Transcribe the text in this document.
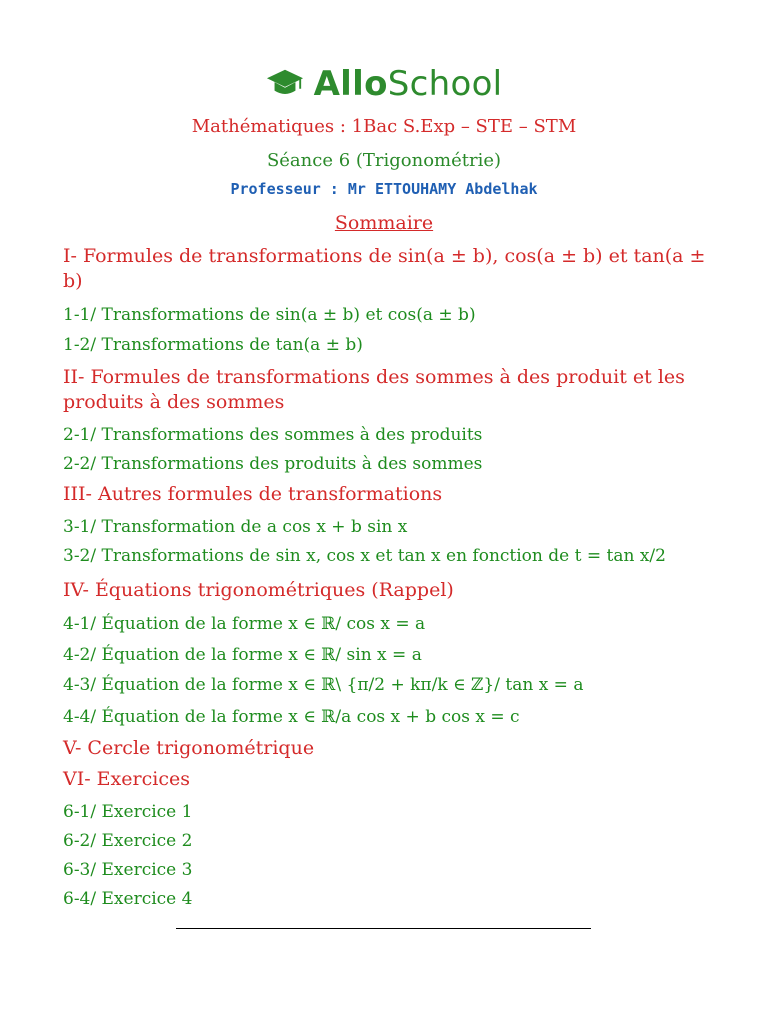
AlloSchool
Mathématiques : 1Bac S.Exp – STE – STM
Séance 6 (Trigonométrie)
Professeur : Mr ETTOUHAMY Abdelhak
Sommaire
I- Formules de transformations de sin(a ± b), cos(a ± b) et tan(a ± b)
1-1/ Transformations de sin(a ± b) et cos(a ± b)
1-2/ Transformations de tan(a ± b)
II- Formules de transformations des sommes à des produit et les produits à des sommes
2-1/ Transformations des sommes à des produits
2-2/ Transformations des produits à des sommes
III- Autres formules de transformations
3-1/ Transformation de a cos x + b sin x
3-2/ Transformations de sin x, cos x et tan x en fonction de t = tan x/2
IV- Équations trigonométriques (Rappel)
4-1/ Équation de la forme x ∈ ℝ/ cos x = a
4-2/ Équation de la forme x ∈ ℝ/ sin x = a
4-3/ Équation de la forme x ∈ ℝ\ {π/2 + kπ/k ∈ ℤ}/ tan x = a
4-4/ Équation de la forme x ∈ ℝ/a cos x + b cos x = c
V- Cercle trigonométrique
VI- Exercices
6-1/ Exercice 1
6-2/ Exercice 2
6-3/ Exercice 3
6-4/ Exercice 4
